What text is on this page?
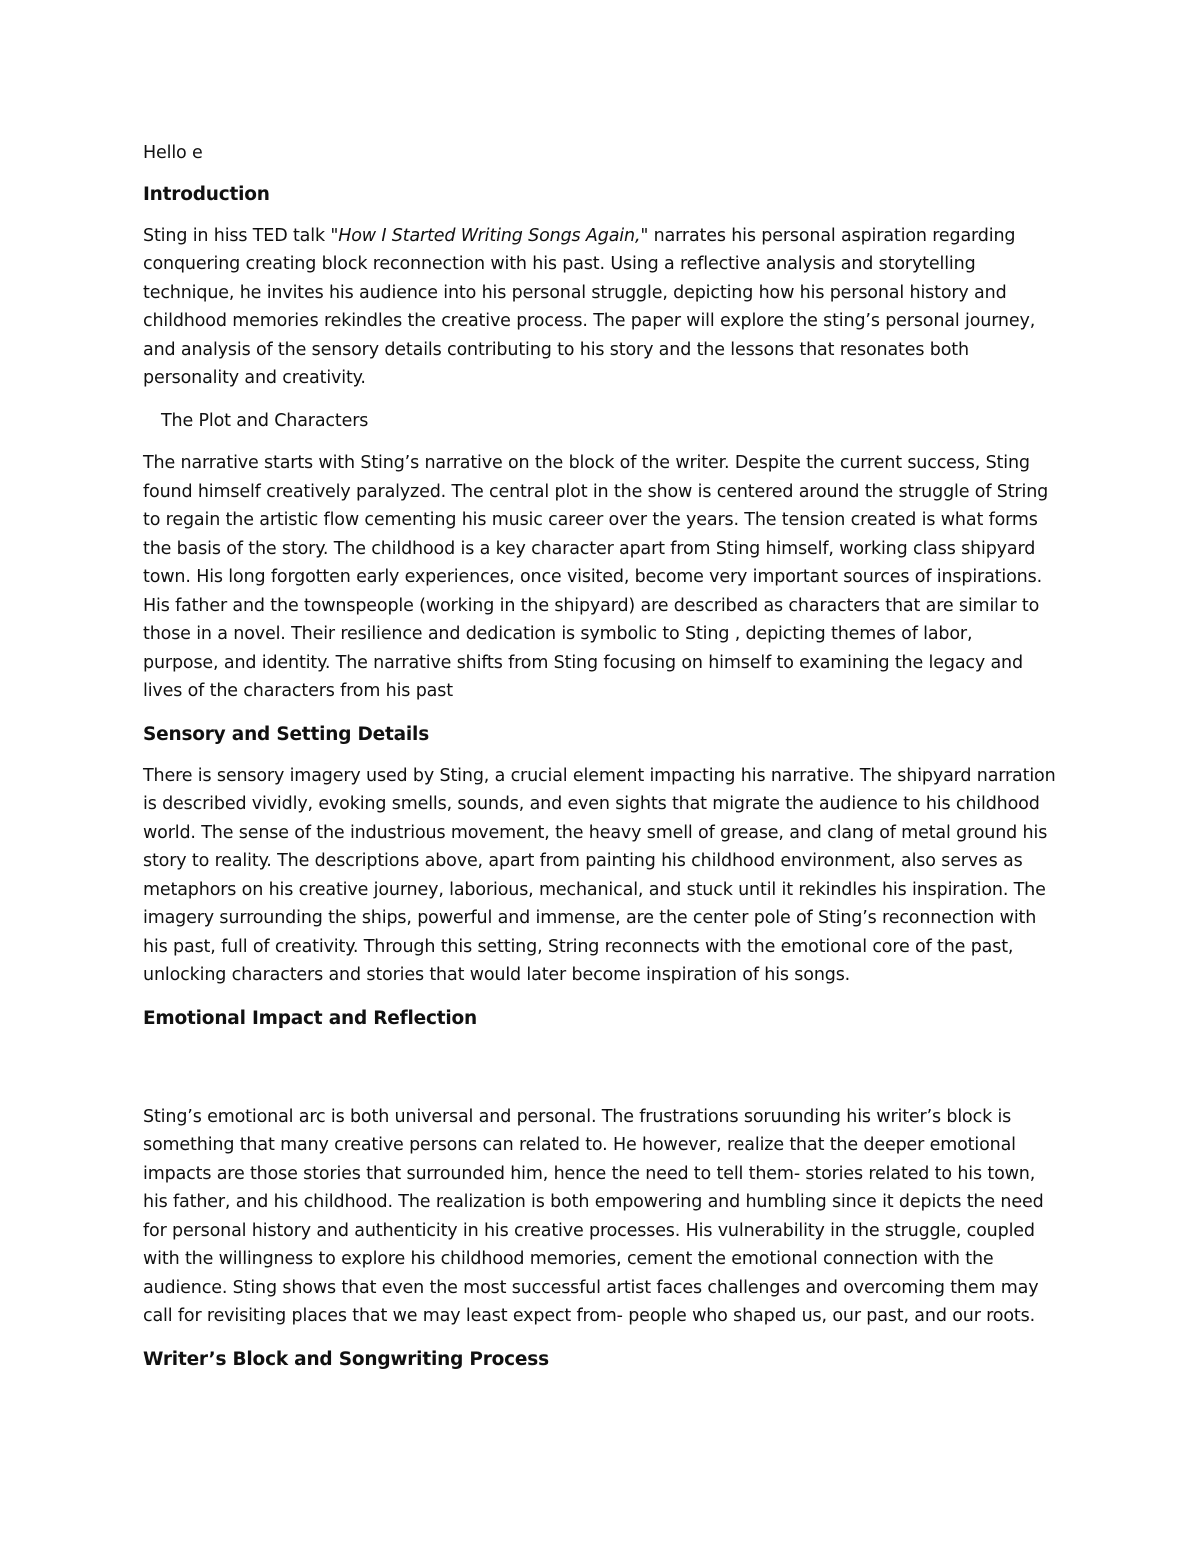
Hello e
Introduction
Sting in hiss TED talk "How I Started Writing Songs Again," narrates his personal aspiration regarding
conquering creating block reconnection with his past. Using a reflective analysis and storytelling
technique, he invites his audience into his personal struggle, depicting how his personal history and
childhood memories rekindles the creative process. The paper will explore the sting’s personal journey,
and analysis of the sensory details contributing to his story and the lessons that resonates both
personality and creativity.
The Plot and Characters
The narrative starts with Sting’s narrative on the block of the writer. Despite the current success, Sting
found himself creatively paralyzed. The central plot in the show is centered around the struggle of String
to regain the artistic flow cementing his music career over the years. The tension created is what forms
the basis of the story. The childhood is a key character apart from Sting himself, working class shipyard
town. His long forgotten early experiences, once visited, become very important sources of inspirations.
His father and the townspeople (working in the shipyard) are described as characters that are similar to
those in a novel. Their resilience and dedication is symbolic to Sting , depicting themes of labor,
purpose, and identity. The narrative shifts from Sting focusing on himself to examining the legacy and
lives of the characters from his past
Sensory and Setting Details
There is sensory imagery used by Sting, a crucial element impacting his narrative. The shipyard narration
is described vividly, evoking smells, sounds, and even sights that migrate the audience to his childhood
world. The sense of the industrious movement, the heavy smell of grease, and clang of metal ground his
story to reality. The descriptions above, apart from painting his childhood environment, also serves as
metaphors on his creative journey, laborious, mechanical, and stuck until it rekindles his inspiration. The
imagery surrounding the ships, powerful and immense, are the center pole of Sting’s reconnection with
his past, full of creativity. Through this setting, String reconnects with the emotional core of the past,
unlocking characters and stories that would later become inspiration of his songs.
Emotional Impact and Reflection
Sting’s emotional arc is both universal and personal. The frustrations soruunding his writer’s block is
something that many creative persons can related to. He however, realize that the deeper emotional
impacts are those stories that surrounded him, hence the need to tell them- stories related to his town,
his father, and his childhood. The realization is both empowering and humbling since it depicts the need
for personal history and authenticity in his creative processes. His vulnerability in the struggle, coupled
with the willingness to explore his childhood memories, cement the emotional connection with the
audience. Sting shows that even the most successful artist faces challenges and overcoming them may
call for revisiting places that we may least expect from- people who shaped us, our past, and our roots.
Writer’s Block and Songwriting Process
